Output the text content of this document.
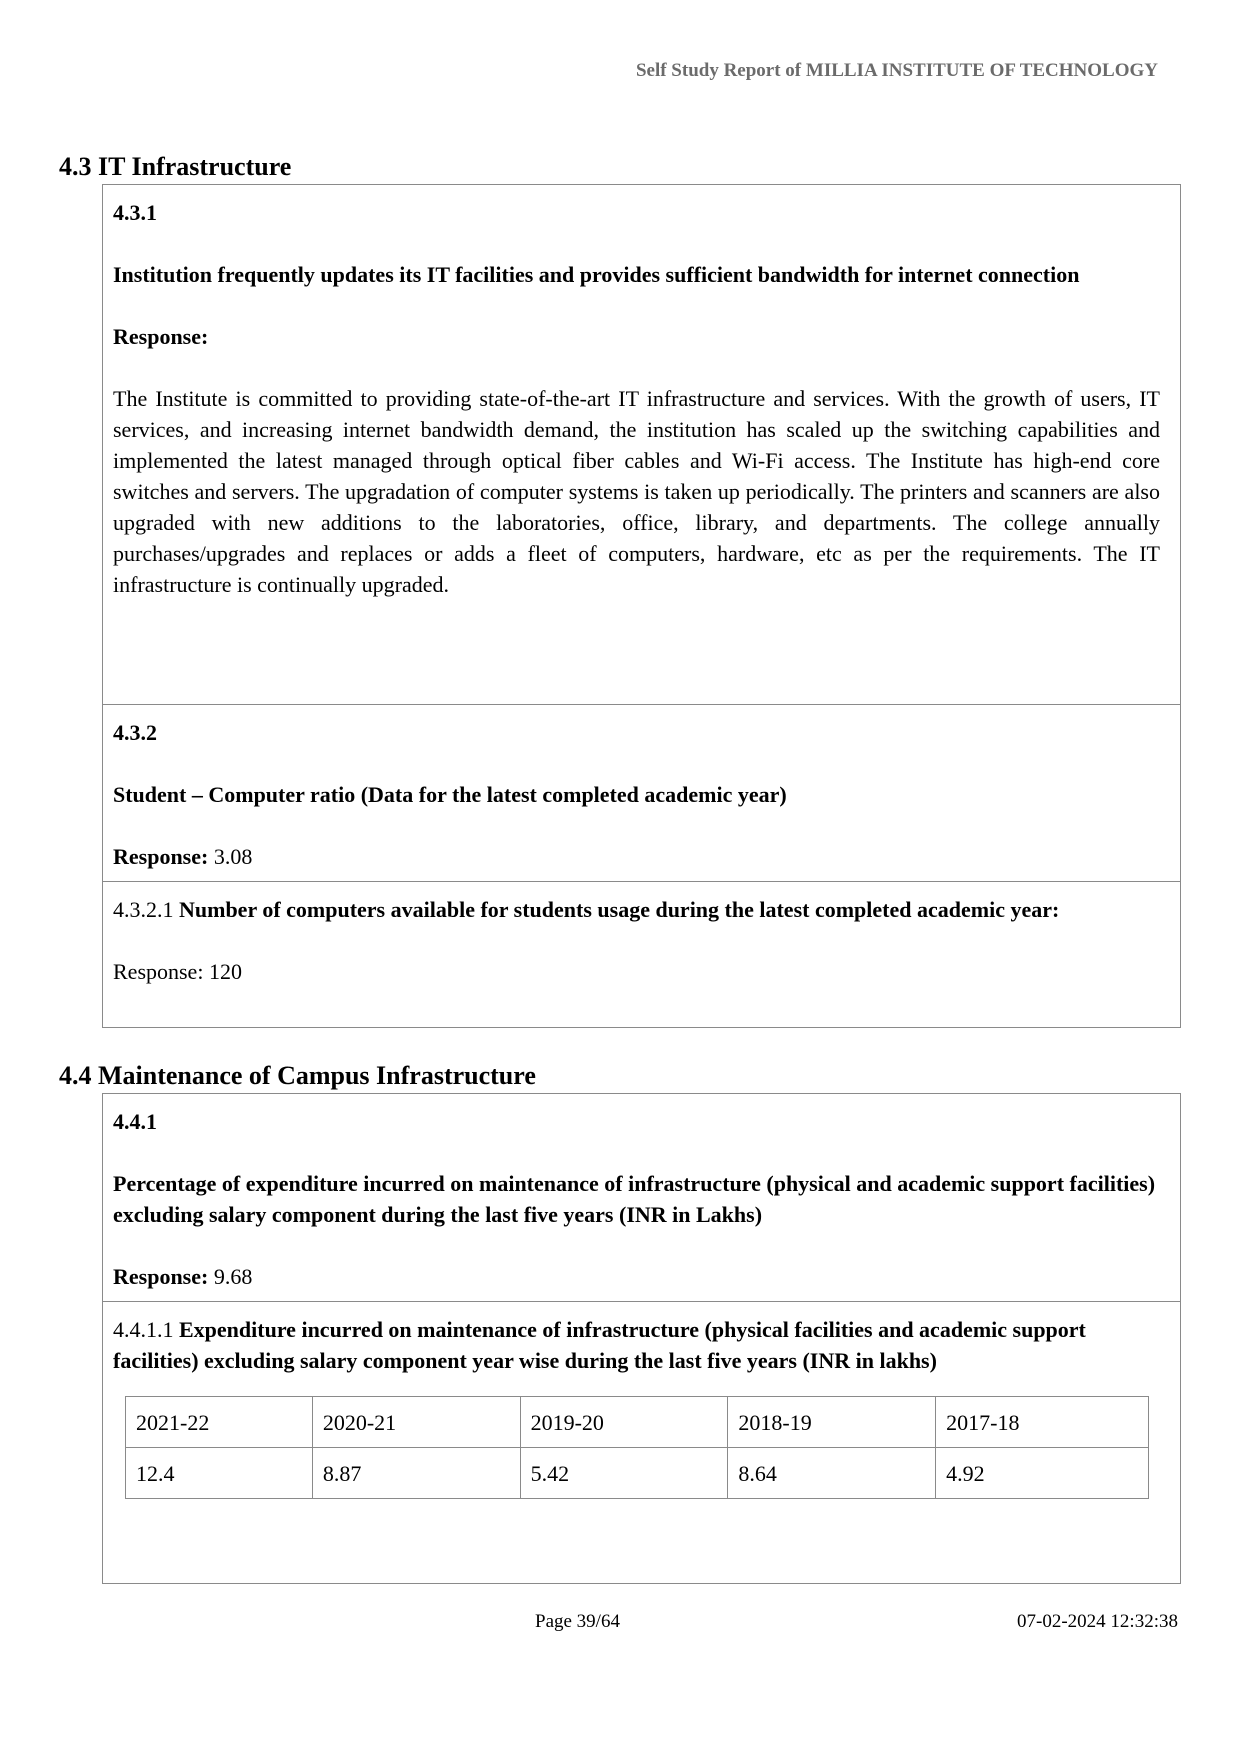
Self Study Report of MILLIA INSTITUTE OF TECHNOLOGY
4.3 IT Infrastructure

4.3.1

Institution frequently updates its IT facilities and provides sufficient bandwidth for internet connection

Response:

The Institute is committed to providing state-of-the-art IT infrastructure and services. With the growth of users, IT services, and increasing internet bandwidth demand, the institution has scaled up the switching capabilities and implemented the latest managed through optical fiber cables and Wi-Fi access. The Institute has high-end core switches and servers. The upgradation of computer systems is taken up periodically. The printers and scanners are also upgraded with new additions to the laboratories, office, library, and departments. The college annually purchases/upgrades and replaces or adds a fleet of computers, hardware, etc as per the requirements. The IT infrastructure is continually upgraded.

4.3.2

Student – Computer ratio (Data for the latest completed academic year)

Response: 3.08

4.3.2.1 Number of computers available for students usage during the latest completed academic year:

Response: 120

4.4 Maintenance of Campus Infrastructure

4.4.1

Percentage of expenditure incurred on maintenance of infrastructure (physical and academic support facilities) excluding salary component during the last five years (INR in Lakhs)

Response: 9.68

4.4.1.1 Expenditure incurred on maintenance of infrastructure (physical facilities and academic support facilities) excluding salary component year wise during the last five years (INR in lakhs)

2021-22	2020-21	2019-20	2018-19	2017-18
12.4	8.87	5.42	8.64	4.92
Page 39/64	07-02-2024 12:32:38
